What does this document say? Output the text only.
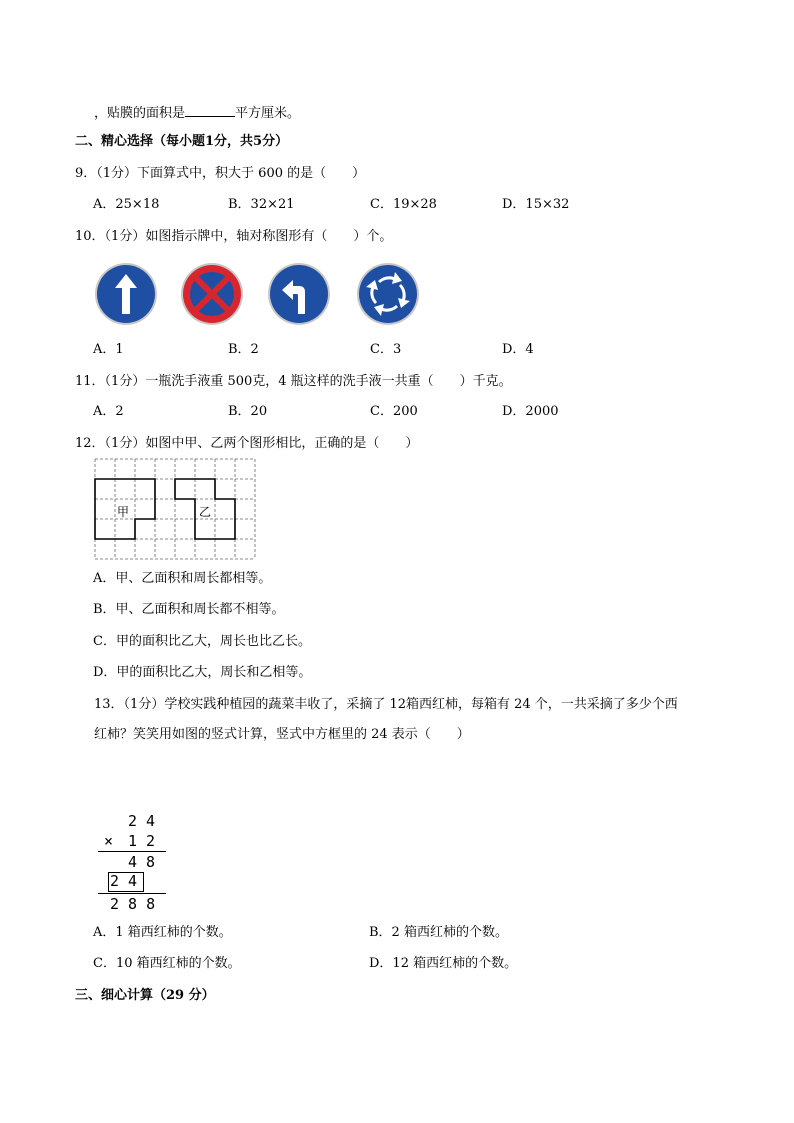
，贴膜的面积是	平方厘米。
二、精心选择（每小题1分，共5分）
9．（1分）下面算式中，积大于 600 的是（　　）
A．25×18	B．32×21	C．19×28	D．15×32
10．（1分）如图指示牌中，轴对称图形有（　　）个。
A．1	B．2	C．3	D．4
11．（1分）一瓶洗手液重 500克，4 瓶这样的洗手液一共重（　　）千克。
A．2	B．20	C．200	D．2000
12．（1分）如图中甲、乙两个图形相比，正确的是（　　）
甲	乙
A．甲、乙面积和周长都相等。
B．甲、乙面积和周长都不相等。
C．甲的面积比乙大，周长也比乙长。
D．甲的面积比乙大，周长和乙相等。
13．（1分）学校实践种植园的蔬菜丰收了，采摘了 12箱西红柿，每箱有 24 个，一共采摘了多少个西
红柿？笑笑用如图的竖式计算，竖式中方框里的 24 表示（　　）
2 4
× 1 2
4 8
2 4
2 8 8
A．1 箱西红柿的个数。	B．2 箱西红柿的个数。
C．10 箱西红柿的个数。	D．12 箱西红柿的个数。
三、细心计算（29 分）
